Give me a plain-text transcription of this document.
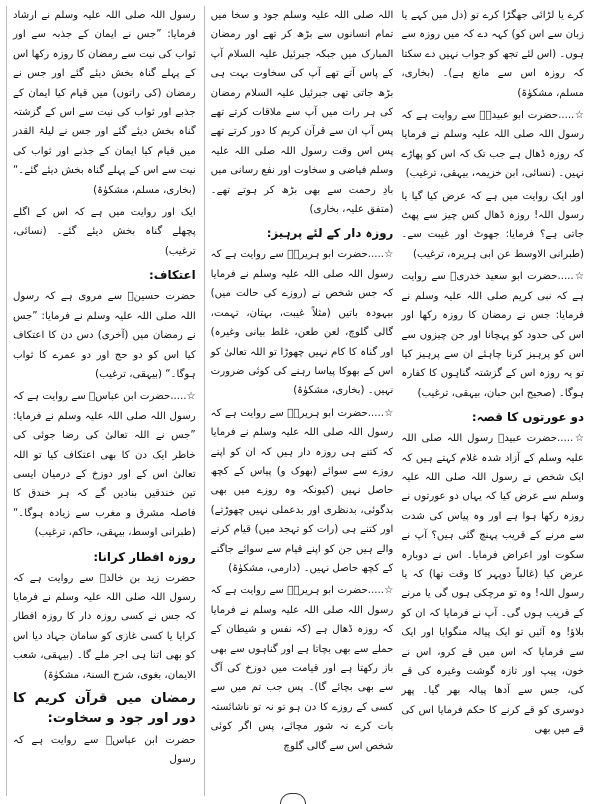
رسول اللہ صلی اللہ علیہ وسلم نے ارشاد فرمایا: ”جس نے ایمان کے جذبہ سے اور ثواب کی نیت سے رمضان کا روزہ رکھا اس کے پہلے گناہ بخش دیئے گئے اور جس نے رمضان (کی راتوں) میں قیام کیا ایمان کے جذبے اور ثواب کی نیت سے اس کے گزشتہ گناہ بخش دیئے گئے اور جس نے لیلۃ القدر میں قیام کیا ایمان کے جذبے اور ثواب کی نیت سے اس کے پہلے گناہ بخش دیئے گئے۔“ (بخاری، مسلم، مشکوٰۃ)

ایک اور روایت میں ہے کہ اس کے اگلے پچھلے گناہ بخش دیئے گئے۔ (نسائی، ترغیب)

اعتکاف:

حضرت حسینؓ سے مروی ہے کہ رسول اللہ صلی اللہ علیہ وسلم نے فرمایا: ”جس نے رمضان میں (آخری) دس دن کا اعتکاف کیا اس کو دو حج اور دو عمرے کا ثواب ہوگا۔“ (بیہقی، ترغیب)

☆.....حضرت ابن عباسؓ سے روایت ہے کہ رسول اللہ صلی اللہ علیہ وسلم نے فرمایا: ”جس نے اللہ تعالیٰ کی رضا جوئی کی خاطر ایک دن کا بھی اعتکاف کیا تو اللہ تعالیٰ اس کے اور دوزخ کے درمیان ایسی تین خندقیں بنادیں گے کہ ہر خندق کا فاصلہ مشرق و مغرب سے زیادہ ہوگا۔“ (طبرانی اوسط، بیہقی، حاکم، ترغیب)

روزہ افطار کرانا:

حضرت زید بن خالدؓ سے روایت ہے کہ رسول اللہ صلی اللہ علیہ وسلم نے فرمایا کہ جس نے کسی روزہ دار کا روزہ افطار کرایا یا کسی غازی کو سامان جہاد دیا اس کو بھی اتنا ہی اجر ملے گا۔ (بیہقی، شعب الایمان، بغوی، شرح السنۃ، مشکوٰۃ)

رمضان میں قرآن کریم کا دور اور جود و سخاوت:

حضرت ابن عباسؓ سے روایت ہے کہ رسول

اللہ صلی اللہ علیہ وسلم جود و سخا میں تمام انسانوں سے بڑھ کر تھے اور رمضان المبارک میں جبکہ جبرئیل علیہ السلام آپ کے پاس آتے تھے آپ کی سخاوت بہت ہی بڑھ جاتی تھی جبرئیل علیہ السلام رمضان کی ہر رات میں آپ سے ملاقات کرتے تھے پس آپ ان سے قرآن کریم کا دور کرتے تھے پس اس وقت رسول اللہ صلی اللہ علیہ وسلم فیاضی و سخاوت اور نفع رسانی میں بادِ رحمت سے بھی بڑھ کر ہوتے تھے۔ (متفق علیہ، بخاری)

روزہ دار کے لئے پرہیز:

☆.....حضرت ابو ہریرہؓ سے روایت ہے کہ رسول اللہ صلی اللہ علیہ وسلم نے فرمایا کہ جس شخص نے (روزے کی حالت میں) بیہودہ باتیں (مثلاً غیبت، بہتان، تہمت، گالی گلوچ، لعن طعن، غلط بیانی وغیرہ) اور گناہ کا کام نہیں چھوڑا تو اللہ تعالیٰ کو اس کے بھوکا پیاسا رہنے کی کوئی ضرورت نہیں۔ (بخاری، مشکوٰۃ)

☆.....حضرت ابو ہریرہؓ سے روایت ہے کہ رسول اللہ صلی اللہ علیہ وسلم نے فرمایا کہ کتنے ہی روزہ دار ہیں کہ ان کو اپنے روزے سے سوائے (بھوک و) پیاس کے کچھ حاصل نہیں (کیونکہ وہ روزے میں بھی بدگوئی، بدنظری اور بدعملی نہیں چھوڑتے) اور کتنے ہی (رات کو تہجد میں) قیام کرنے والے ہیں جن کو اپنے قیام سے سوائے جاگنے کے کچھ حاصل نہیں۔ (دارمی، مشکوٰۃ)

☆.....حضرت ابو ہریرہؓ سے روایت ہے کہ رسول اللہ صلی اللہ علیہ وسلم نے فرمایا کہ روزہ ڈھال ہے (کہ نفس و شیطان کے حملے سے بھی بچاتا ہے اور گناہوں سے بھی باز رکھتا ہے اور قیامت میں دوزخ کی آگ سے بھی بچائے گا)۔ پس جب تم میں سے کسی کے روزے کا دن ہو تو نہ تو ناشائستہ بات کرے نہ شور مچائے، پس اگر کوئی شخص اس سے گالی گلوچ

کرے یا لڑائی جھگڑا کرے تو (دل میں کہے یا زبان سے اس کو) کہہ دے کہ میں روزہ سے ہوں۔ (اس لئے تجھ کو جواب نہیں دے سکتا کہ روزہ اس سے مانع ہے)۔ (بخاری، مسلم، مشکوٰۃ)

☆.....حضرت ابو عبیدہؓ سے روایت ہے کہ رسول اللہ صلی اللہ علیہ وسلم نے فرمایا کہ روزہ ڈھال ہے جب تک کہ اس کو پھاڑے نہیں۔ (نسائی، ابن خزیمہ، بیہقی، ترغیب)

اور ایک روایت میں ہے کہ عرض کیا گیا یا رسول اللہ! روزہ ڈھال کس چیز سے پھٹ جاتی ہے؟ فرمایا: جھوٹ اور غیبت سے۔ (طبرانی الاوسط عن ابی ہریرہ، ترغیب)

☆.....حضرت ابو سعید خدریؓ سے روایت ہے کہ نبی کریم صلی اللہ علیہ وسلم نے فرمایا: جس نے رمضان کا روزہ رکھا اور اس کی حدود کو پہچانا اور جن چیزوں سے اس کو پرہیز کرنا چاہئے ان سے پرہیز کیا تو یہ روزہ اس کے گزشتہ گناہوں کا کفارہ ہوگا۔ (صحیح ابن حبان، بیہقی، ترغیب)

دو عورتوں کا قصہ:

☆.....حضرت عبیدؓ رسول اللہ صلی اللہ علیہ وسلم کے آزاد شدہ غلام کہتے ہیں کہ ایک شخص نے رسول اللہ صلی اللہ علیہ وسلم سے عرض کیا کہ یہاں دو عورتوں نے روزہ رکھا ہوا ہے اور وہ پیاس کی شدت سے مرنے کے قریب پہنچ گئی ہیں؟ آپ نے سکوت اور اعراض فرمایا۔ اس نے دوبارہ عرض کیا (غالباً دوپہر کا وقت تھا) کہ یا رسول اللہ! وہ تو مرچکی ہوں گی یا مرنے کے قریب ہوں گی۔ آپ نے فرمایا کہ ان کو بلاؤ! وہ آئیں تو ایک پیالہ منگوایا اور ایک سے فرمایا کہ اس میں قے کرو، اس نے خون، پیپ اور تازہ گوشت وغیرہ کی قے کی، جس سے آدھا پیالہ بھر گیا۔ پھر دوسری کو قے کرنے کا حکم فرمایا اس کی قے میں بھی
